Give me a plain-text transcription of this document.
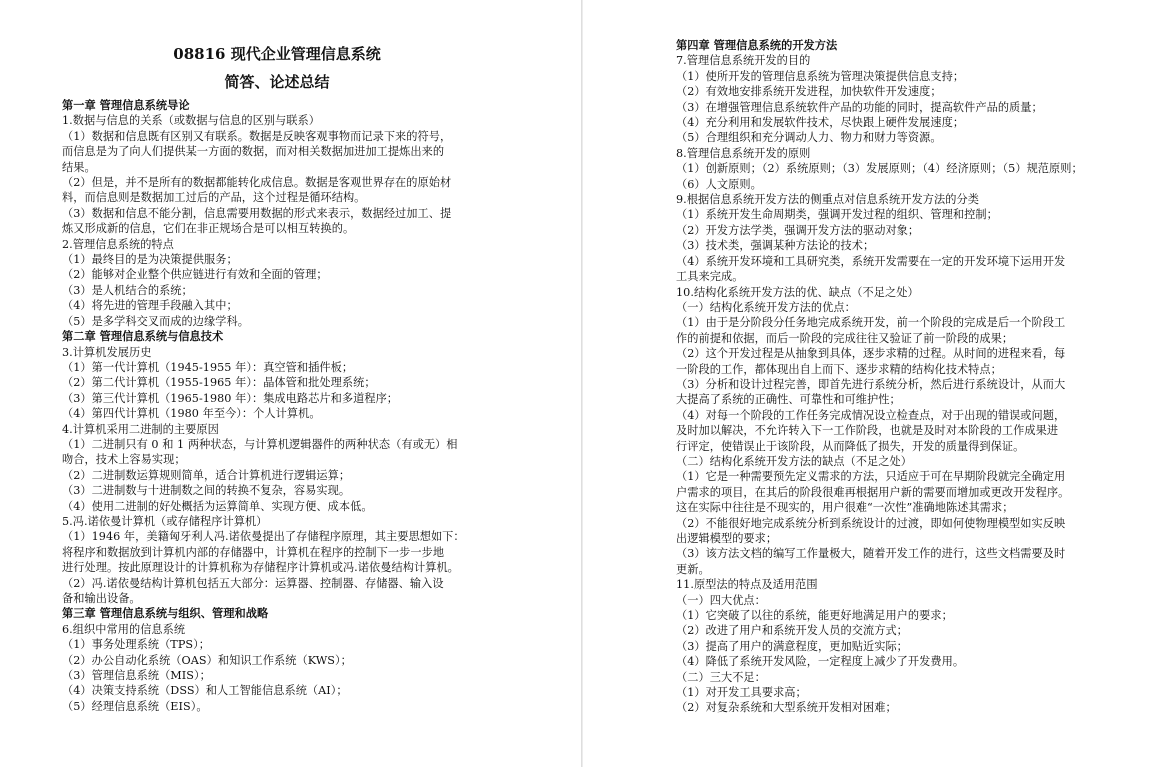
08816 现代企业管理信息系统
简答、论述总结
第一章 管理信息系统导论
1.数据与信息的关系（或数据与信息的区别与联系）
（1）数据和信息既有区别又有联系。数据是反映客观事物而记录下来的符号，
而信息是为了向人们提供某一方面的数据，而对相关数据加进加工提炼出来的
结果。
（2）但是，并不是所有的数据都能转化成信息。数据是客观世界存在的原始材
料，而信息则是数据加工过后的产品，这个过程是循环结构。
（3）数据和信息不能分割，信息需要用数据的形式来表示，数据经过加工、提
炼又形成新的信息，它们在非正规场合是可以相互转换的。
2.管理信息系统的特点
（1）最终目的是为决策提供服务；
（2）能够对企业整个供应链进行有效和全面的管理；
（3）是人机结合的系统；
（4）将先进的管理手段融入其中；
（5）是多学科交叉而成的边缘学科。
第二章 管理信息系统与信息技术
3.计算机发展历史
（1）第一代计算机（1945-1955 年）：真空管和插件板；
（2）第二代计算机（1955-1965 年）：晶体管和批处理系统；
（3）第三代计算机（1965-1980 年）：集成电路芯片和多道程序；
（4）第四代计算机（1980 年至今）：个人计算机。
4.计算机采用二进制的主要原因
（1）二进制只有 0 和 1 两种状态，与计算机逻辑器件的两种状态（有或无）相
吻合，技术上容易实现；
（2）二进制数运算规则简单，适合计算机进行逻辑运算；
（3）二进制数与十进制数之间的转换不复杂，容易实现。
（4）使用二进制的好处概括为运算简单、实现方便、成本低。
5.冯.诺依曼计算机（或存储程序计算机）
（1）1946 年，美籍匈牙利人冯.诺依曼提出了存储程序原理，其主要思想如下：
将程序和数据放到计算机内部的存储器中，计算机在程序的控制下一步一步地
进行处理。按此原理设计的计算机称为存储程序计算机或冯.诺依曼结构计算机。
（2）冯.诺依曼结构计算机包括五大部分：运算器、控制器、存储器、输入设
备和输出设备。
第三章 管理信息系统与组织、管理和战略
6.组织中常用的信息系统
（1）事务处理系统（TPS）；
（2）办公自动化系统（OAS）和知识工作系统（KWS）；
（3）管理信息系统（MIS）；
（4）决策支持系统（DSS）和人工智能信息系统（AI）；
（5）经理信息系统（EIS）。
第四章 管理信息系统的开发方法
7.管理信息系统开发的目的
（1）使所开发的管理信息系统为管理决策提供信息支持；
（2）有效地安排系统开发进程，加快软件开发速度；
（3）在增强管理信息系统软件产品的功能的同时，提高软件产品的质量；
（4）充分利用和发展软件技术，尽快跟上硬件发展速度；
（5）合理组织和充分调动人力、物力和财力等资源。
8.管理信息系统开发的原则
（1）创新原则；（2）系统原则；（3）发展原则；（4）经济原则；（5）规范原则；
（6）人文原则。
9.根据信息系统开发方法的侧重点对信息系统开发方法的分类
（1）系统开发生命周期类，强调开发过程的组织、管理和控制；
（2）开发方法学类，强调开发方法的驱动对象；
（3）技术类，强调某种方法论的技术；
（4）系统开发环境和工具研究类，系统开发需要在一定的开发环境下运用开发
工具来完成。
10.结构化系统开发方法的优、缺点（不足之处）
（一）结构化系统开发方法的优点：
（1）由于是分阶段分任务地完成系统开发，前一个阶段的完成是后一个阶段工
作的前提和依据，而后一阶段的完成往往又验证了前一阶段的成果；
（2）这个开发过程是从抽象到具体，逐步求精的过程。从时间的进程来看，每
一阶段的工作，都体现出自上而下、逐步求精的结构化技术特点；
（3）分析和设计过程完善，即首先进行系统分析，然后进行系统设计，从而大
大提高了系统的正确性、可靠性和可维护性；
（4）对每一个阶段的工作任务完成情况设立检查点，对于出现的错误或问题，
及时加以解决，不允许转入下一工作阶段，也就是及时对本阶段的工作成果进
行评定，使错误止于该阶段，从而降低了损失，开发的质量得到保证。
（二）结构化系统开发方法的缺点（不足之处）
（1）它是一种需要预先定义需求的方法，只适应于可在早期阶段就完全确定用
户需求的项目，在其后的阶段很难再根据用户新的需要而增加或更改开发程序。
这在实际中往往是不现实的，用户很难“一次性”准确地陈述其需求；
（2）不能很好地完成系统分析到系统设计的过渡，即如何使物理模型如实反映
出逻辑模型的要求；
（3）该方法文档的编写工作量极大，随着开发工作的进行，这些文档需要及时
更新。
11.原型法的特点及适用范围
（一）四大优点：
（1）它突破了以往的系统，能更好地满足用户的要求；
（2）改进了用户和系统开发人员的交流方式；
（3）提高了用户的满意程度，更加贴近实际；
（4）降低了系统开发风险，一定程度上减少了开发费用。
（二）三大不足：
（1）对开发工具要求高；
（2）对复杂系统和大型系统开发相对困难；
